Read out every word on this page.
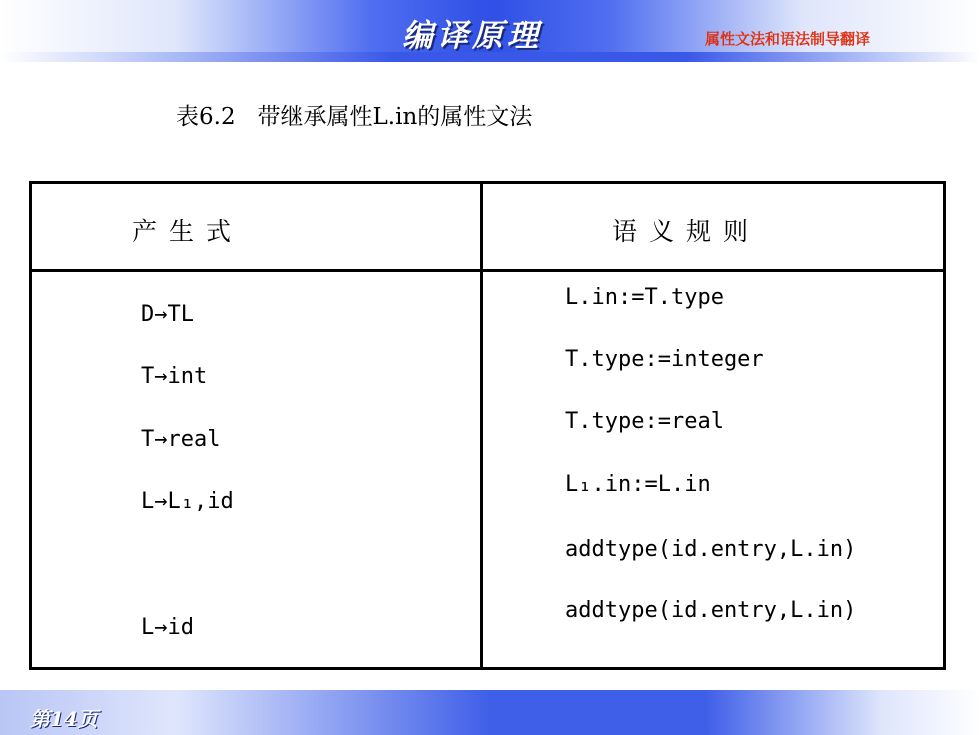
编译原理	属性文法和语法制导翻译
表6.2   带继承属性L.in的属性文法
产生式	语义规则
D→TL
T→int
T→real
L→L₁,id
L→id
L.in:=T.type
T.type:=integer
T.type:=real
L₁.in:=L.in
addtype(id.entry,L.in)
addtype(id.entry,L.in)
第14页
